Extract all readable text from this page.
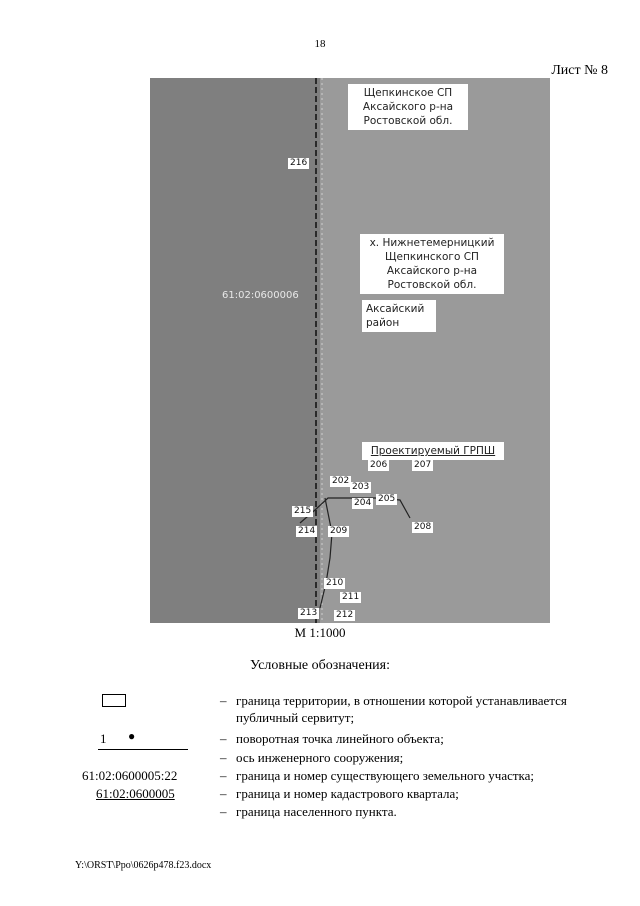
18
Лист № 8
Щепкинское СП Аксайского р-на Ростовской обл.
х. Нижнетемерницкий Щепкинского СП Аксайского р-на Ростовской обл.
Аксайский район
Проектируемый ГРПШ
61:02:0600006
216
202
203
204 205
206	207
208
209
210
211
212
213
214
215
М 1:1000
Условные обозначения:
– граница территории, в отношении которой устанавливается публичный сервитут;
1 ●	– поворотная точка линейного объекта;
– ось инженерного сооружения;
61:02:0600005:22	– граница и номер существующего земельного участка;
61:02:0600005	– граница и номер кадастрового квартала;
– граница населенного пункта.
Y:\ORST\Ppo\0626p478.f23.docx
